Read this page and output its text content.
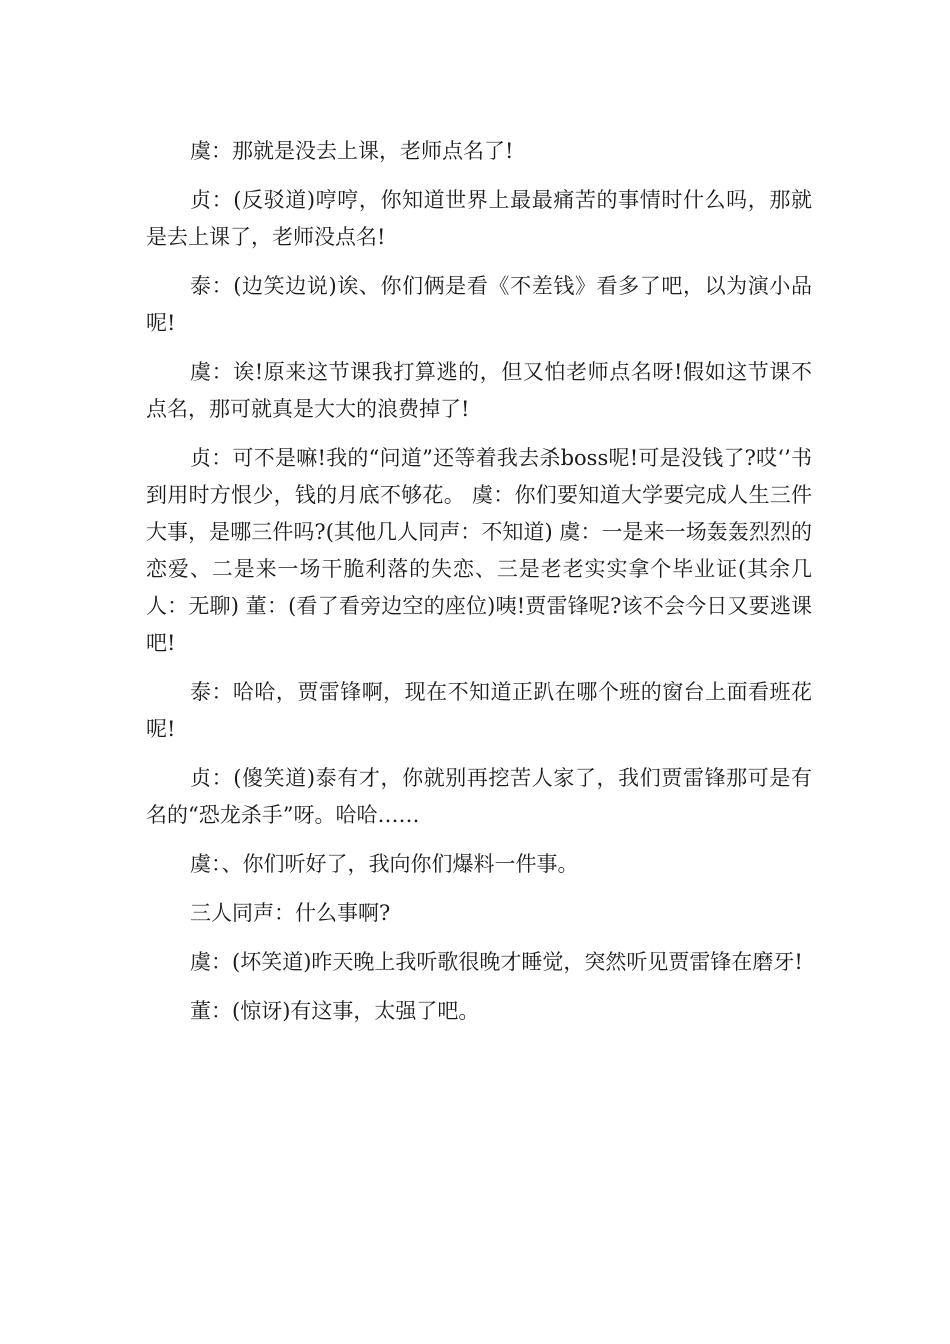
虞：那就是没去上课，老师点名了!

贞：(反驳道)哼哼，你知道世界上最最痛苦的事情时什么吗，那就是去上课了，老师没点名!

泰：(边笑边说)诶、你们俩是看《不差钱》看多了吧，以为演小品呢!

虞：诶!原来这节课我打算逃的，但又怕老师点名呀!假如这节课不点名，那可就真是大大的浪费掉了!

贞：可不是嘛!我的“问道”还等着我去杀boss呢!可是没钱了?哎‘’书到用时方恨少，钱的月底不够花。 虞：你们要知道大学要完成人生三件大事，是哪三件吗?(其他几人同声：不知道) 虞：一是来一场轰轰烈烈的恋爱、二是来一场干脆利落的失恋、三是老老实实拿个毕业证(其余几人：无聊) 董：(看了看旁边空的座位)咦!贾雷锋呢?该不会今日又要逃课吧!

泰：哈哈，贾雷锋啊，现在不知道正趴在哪个班的窗台上面看班花呢!

贞：(傻笑道)泰有才，你就别再挖苦人家了，我们贾雷锋那可是有名的“恐龙杀手”呀。哈哈……

虞：、你们听好了，我向你们爆料一件事。

三人同声：什么事啊?

虞：(坏笑道)昨天晚上我听歌很晚才睡觉，突然听见贾雷锋在磨牙!

董：(惊讶)有这事，太强了吧。
